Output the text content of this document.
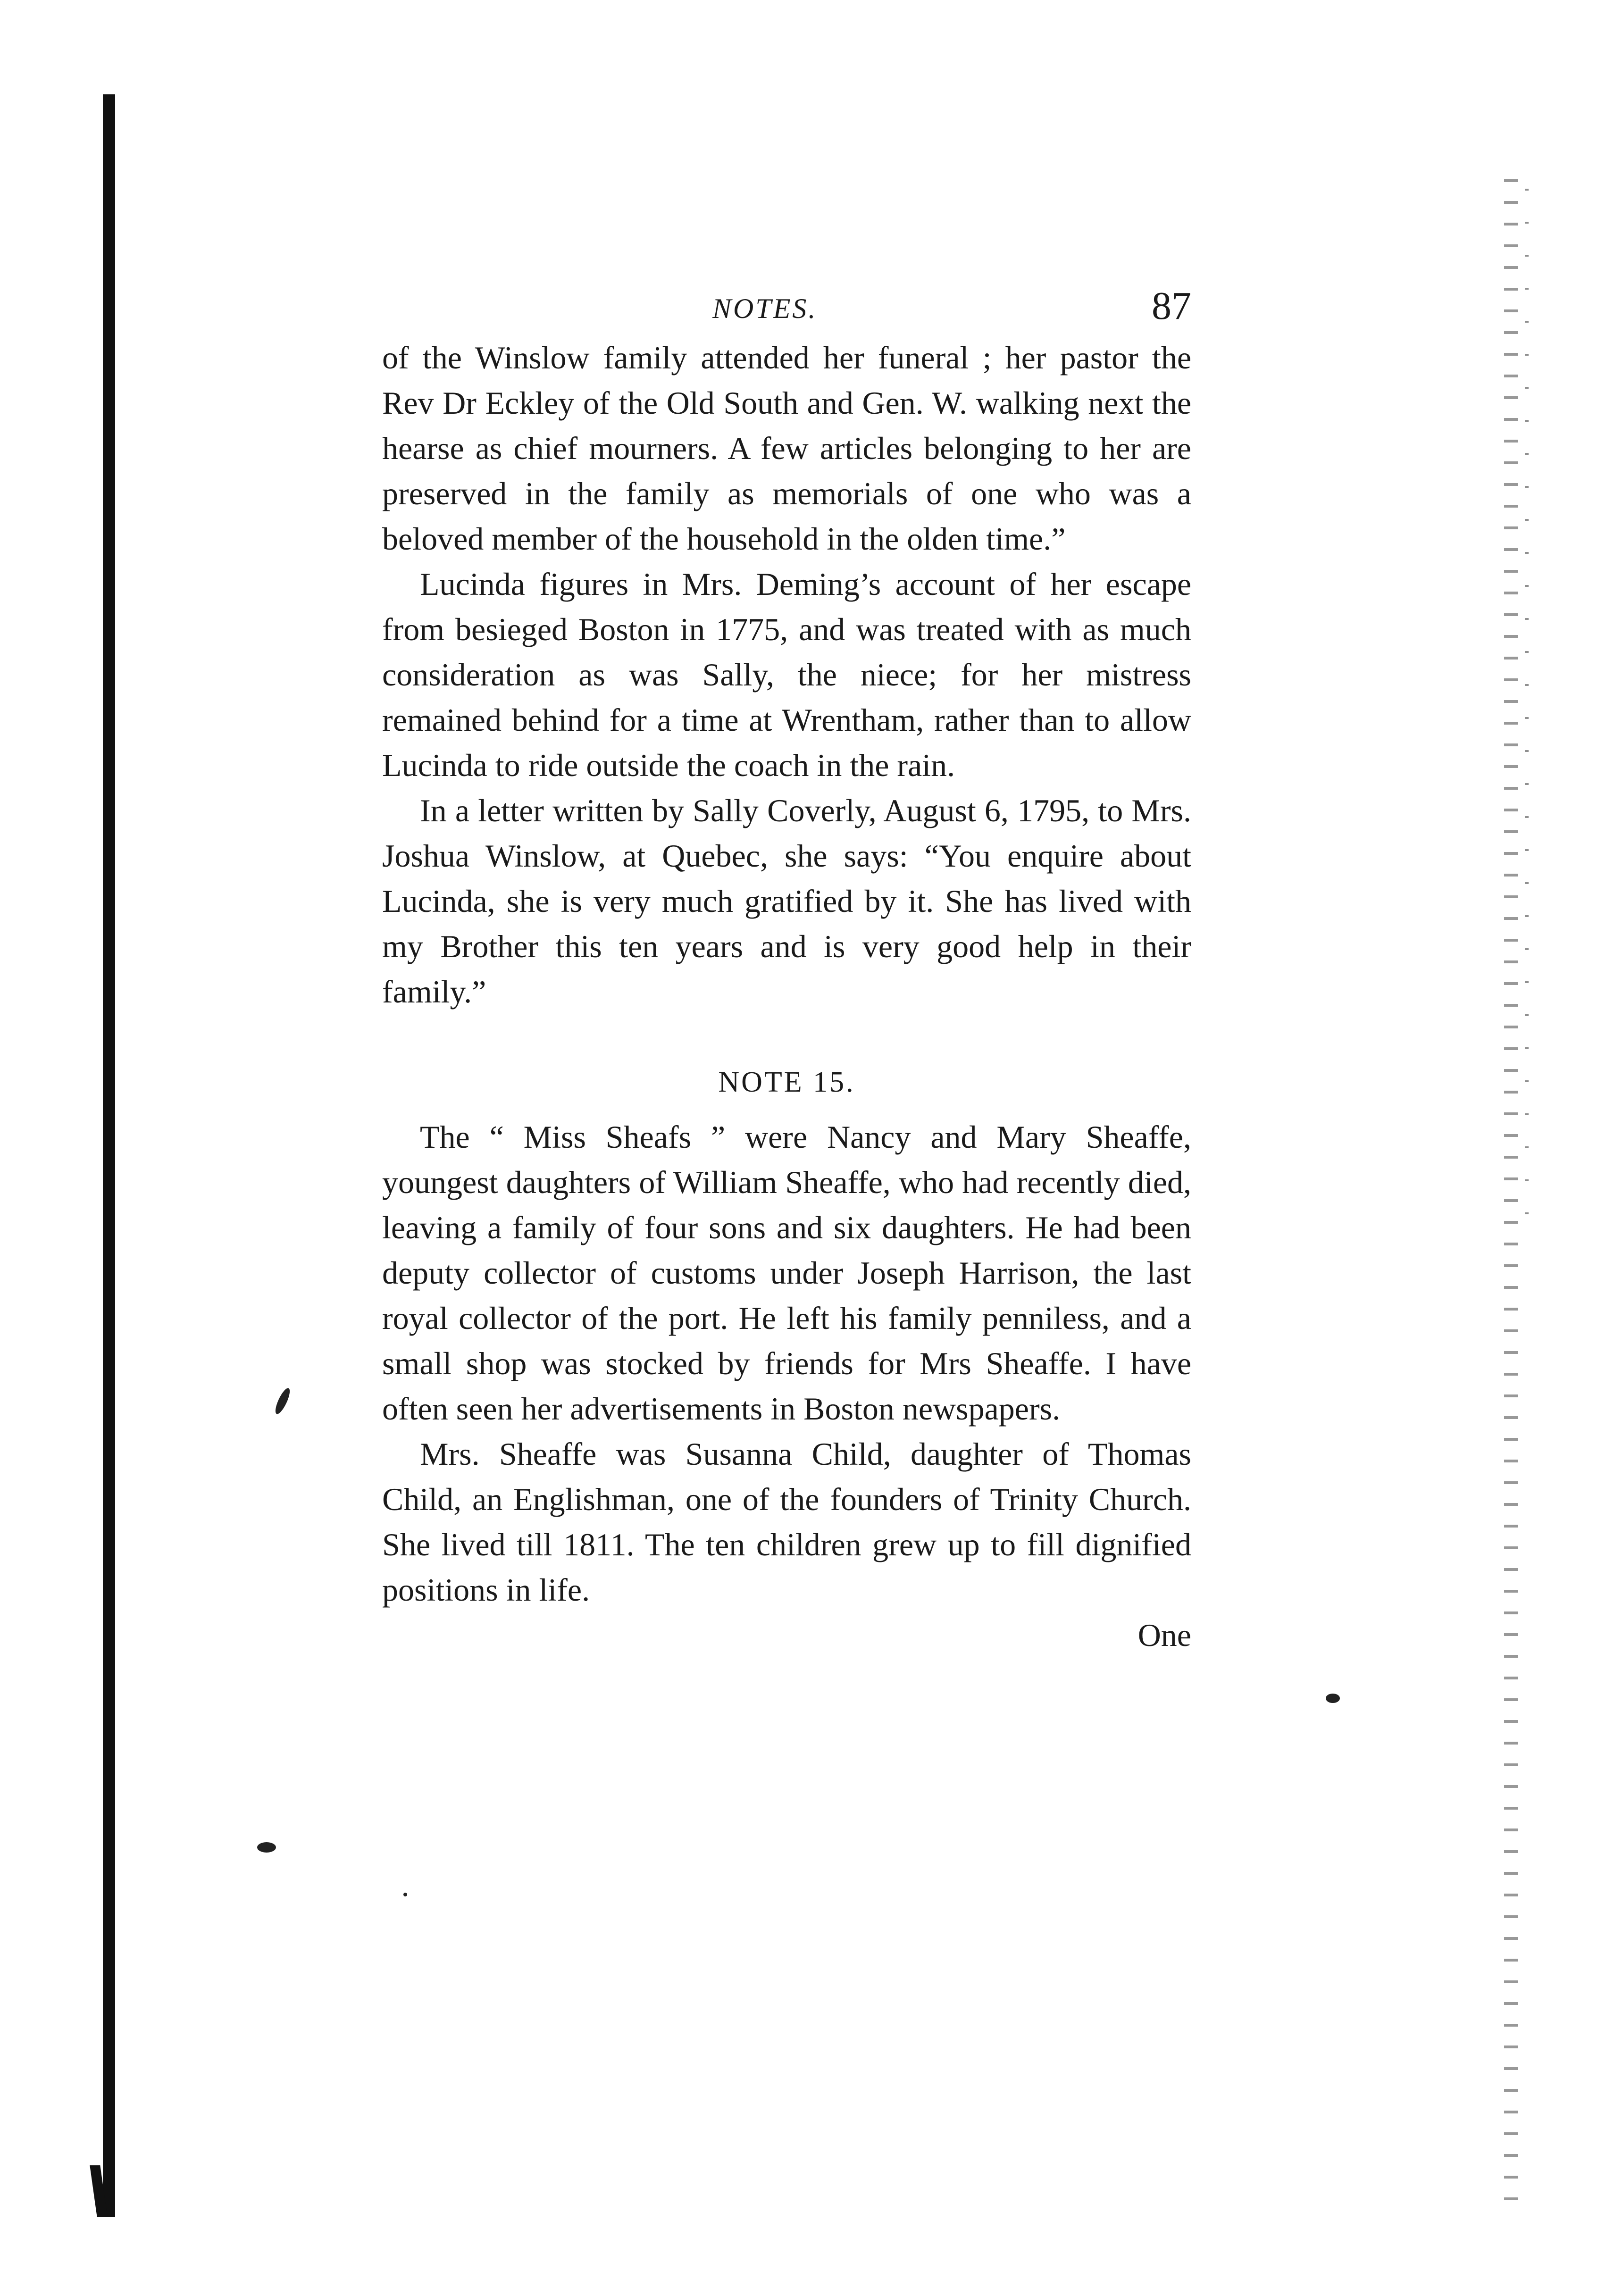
NOTES.	87

of the Winslow family attended her funeral ; her pastor the Rev Dr Eckley of the Old South and Gen. W. walking next the hearse as chief mourners. A few articles belonging to her are preserved in the family as memorials of one who was a beloved member of the household in the olden time.”

Lucinda figures in Mrs. Deming’s account of her escape from besieged Boston in 1775, and was treated with as much consideration as was Sally, the niece; for her mistress remained behind for a time at Wrentham, rather than to allow Lucinda to ride outside the coach in the rain.

In a letter written by Sally Coverly, August 6, 1795, to Mrs. Joshua Winslow, at Quebec, she says: “You enquire about Lucinda, she is very much gratified by it. She has lived with my Brother this ten years and is very good help in their family.”

NOTE 15.

The “ Miss Sheafs ” were Nancy and Mary Sheaffe, youngest daughters of William Sheaffe, who had recently died, leaving a family of four sons and six daughters. He had been deputy collector of customs under Joseph Harrison, the last royal collector of the port. He left his family penniless, and a small shop was stocked by friends for Mrs Sheaffe. I have often seen her advertisements in Boston newspapers.

Mrs. Sheaffe was Susanna Child, daughter of Thomas Child, an Englishman, one of the founders of Trinity Church. She lived till 1811. The ten children grew up to fill dignified positions in life.

One
